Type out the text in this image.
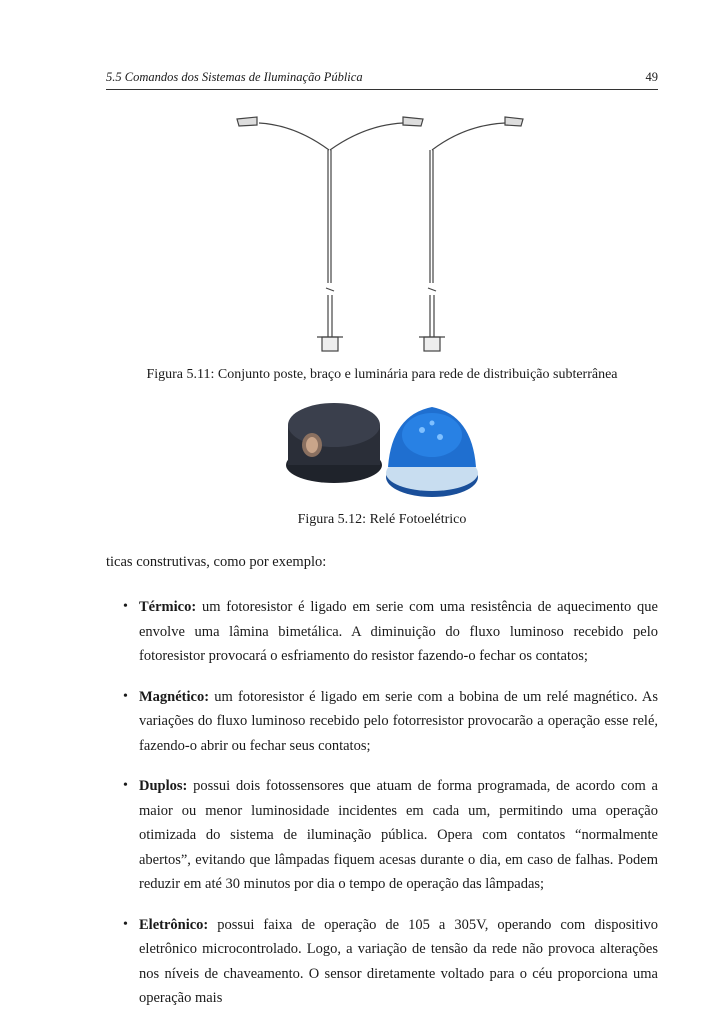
5.5 Comandos dos Sistemas de Iluminação Pública	49
Figura 5.11: Conjunto poste, braço e luminária para rede de distribuição subterrânea
Figura 5.12: Relé Fotoelétrico
ticas construtivas, como por exemplo:
• Térmico: um fotoresistor é ligado em serie com uma resistência de aquecimento que envolve uma lâmina bimetálica. A diminuição do fluxo luminoso recebido pelo fotoresistor provocará o esfriamento do resistor fazendo-o fechar os contatos;
• Magnético: um fotoresistor é ligado em serie com a bobina de um relé magnético. As variações do fluxo luminoso recebido pelo fotorresistor provocarão a operação esse relé, fazendo-o abrir ou fechar seus contatos;
• Duplos: possui dois fotossensores que atuam de forma programada, de acordo com a maior ou menor luminosidade incidentes em cada um, permitindo uma operação otimizada do sistema de iluminação pública. Opera com contatos “normalmente abertos”, evitando que lâmpadas fiquem acesas durante o dia, em caso de falhas. Podem reduzir em até 30 minutos por dia o tempo de operação das lâmpadas;
• Eletrônico: possui faixa de operação de 105 a 305V, operando com dispositivo eletrônico microcontrolado. Logo, a variação de tensão da rede não provoca alterações nos níveis de chaveamento. O sensor diretamente voltado para o céu proporciona uma operação mais
